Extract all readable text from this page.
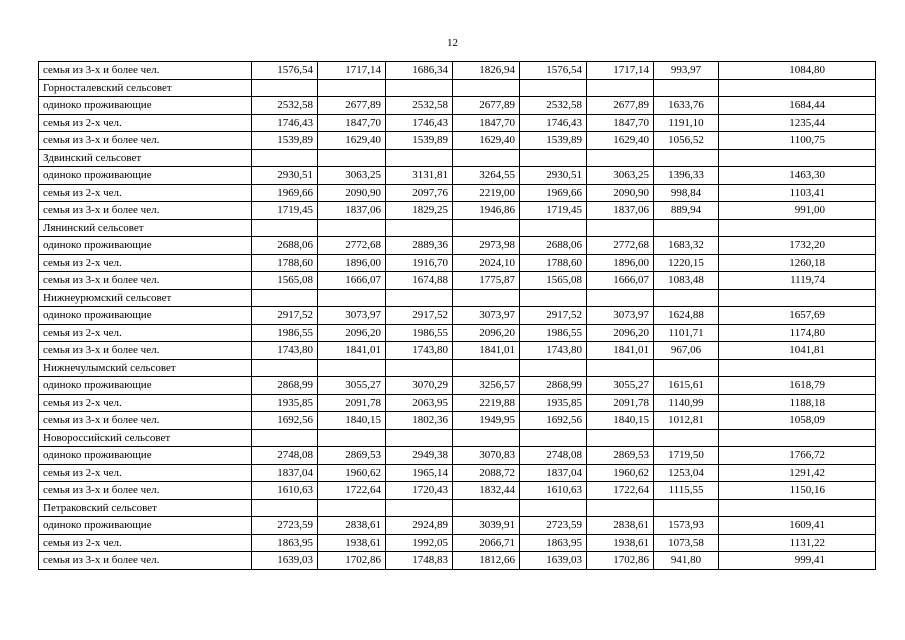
12
семья из 3-х и более чел.	1576,54	1717,14	1686,34	1826,94	1576,54	1717,14	993,97	1084,80
Горносталевский сельсовет								
одиноко проживающие	2532,58	2677,89	2532,58	2677,89	2532,58	2677,89	1633,76	1684,44
семья из 2-х чел.	1746,43	1847,70	1746,43	1847,70	1746,43	1847,70	1191,10	1235,44
семья из 3-х и более чел.	1539,89	1629,40	1539,89	1629,40	1539,89	1629,40	1056,52	1100,75
Здвинский сельсовет								
одиноко проживающие	2930,51	3063,25	3131,81	3264,55	2930,51	3063,25	1396,33	1463,30
семья из 2-х чел.	1969,66	2090,90	2097,76	2219,00	1969,66	2090,90	998,84	1103,41
семья из 3-х и более чел.	1719,45	1837,06	1829,25	1946,86	1719,45	1837,06	889,94	991,00
Лянинский сельсовет								
одиноко проживающие	2688,06	2772,68	2889,36	2973,98	2688,06	2772,68	1683,32	1732,20
семья из 2-х чел.	1788,60	1896,00	1916,70	2024,10	1788,60	1896,00	1220,15	1260,18
семья из 3-х и более чел.	1565,08	1666,07	1674,88	1775,87	1565,08	1666,07	1083,48	1119,74
Нижнеурюмский сельсовет								
одиноко проживающие	2917,52	3073,97	2917,52	3073,97	2917,52	3073,97	1624,88	1657,69
семья из 2-х чел.	1986,55	2096,20	1986,55	2096,20	1986,55	2096,20	1101,71	1174,80
семья из 3-х и более чел.	1743,80	1841,01	1743,80	1841,01	1743,80	1841,01	967,06	1041,81
Нижнечулымский сельсовет								
одиноко проживающие	2868,99	3055,27	3070,29	3256,57	2868,99	3055,27	1615,61	1618,79
семья из 2-х чел.	1935,85	2091,78	2063,95	2219,88	1935,85	2091,78	1140,99	1188,18
семья из 3-х и более чел.	1692,56	1840,15	1802,36	1949,95	1692,56	1840,15	1012,81	1058,09
Новороссийский сельсовет								
одиноко проживающие	2748,08	2869,53	2949,38	3070,83	2748,08	2869,53	1719,50	1766,72
семья из 2-х чел.	1837,04	1960,62	1965,14	2088,72	1837,04	1960,62	1253,04	1291,42
семья из 3-х и более чел.	1610,63	1722,64	1720,43	1832,44	1610,63	1722,64	1115,55	1150,16
Петраковский сельсовет								
одиноко проживающие	2723,59	2838,61	2924,89	3039,91	2723,59	2838,61	1573,93	1609,41
семья из 2-х чел.	1863,95	1938,61	1992,05	2066,71	1863,95	1938,61	1073,58	1131,22
семья из 3-х и более чел.	1639,03	1702,86	1748,83	1812,66	1639,03	1702,86	941,80	999,41
